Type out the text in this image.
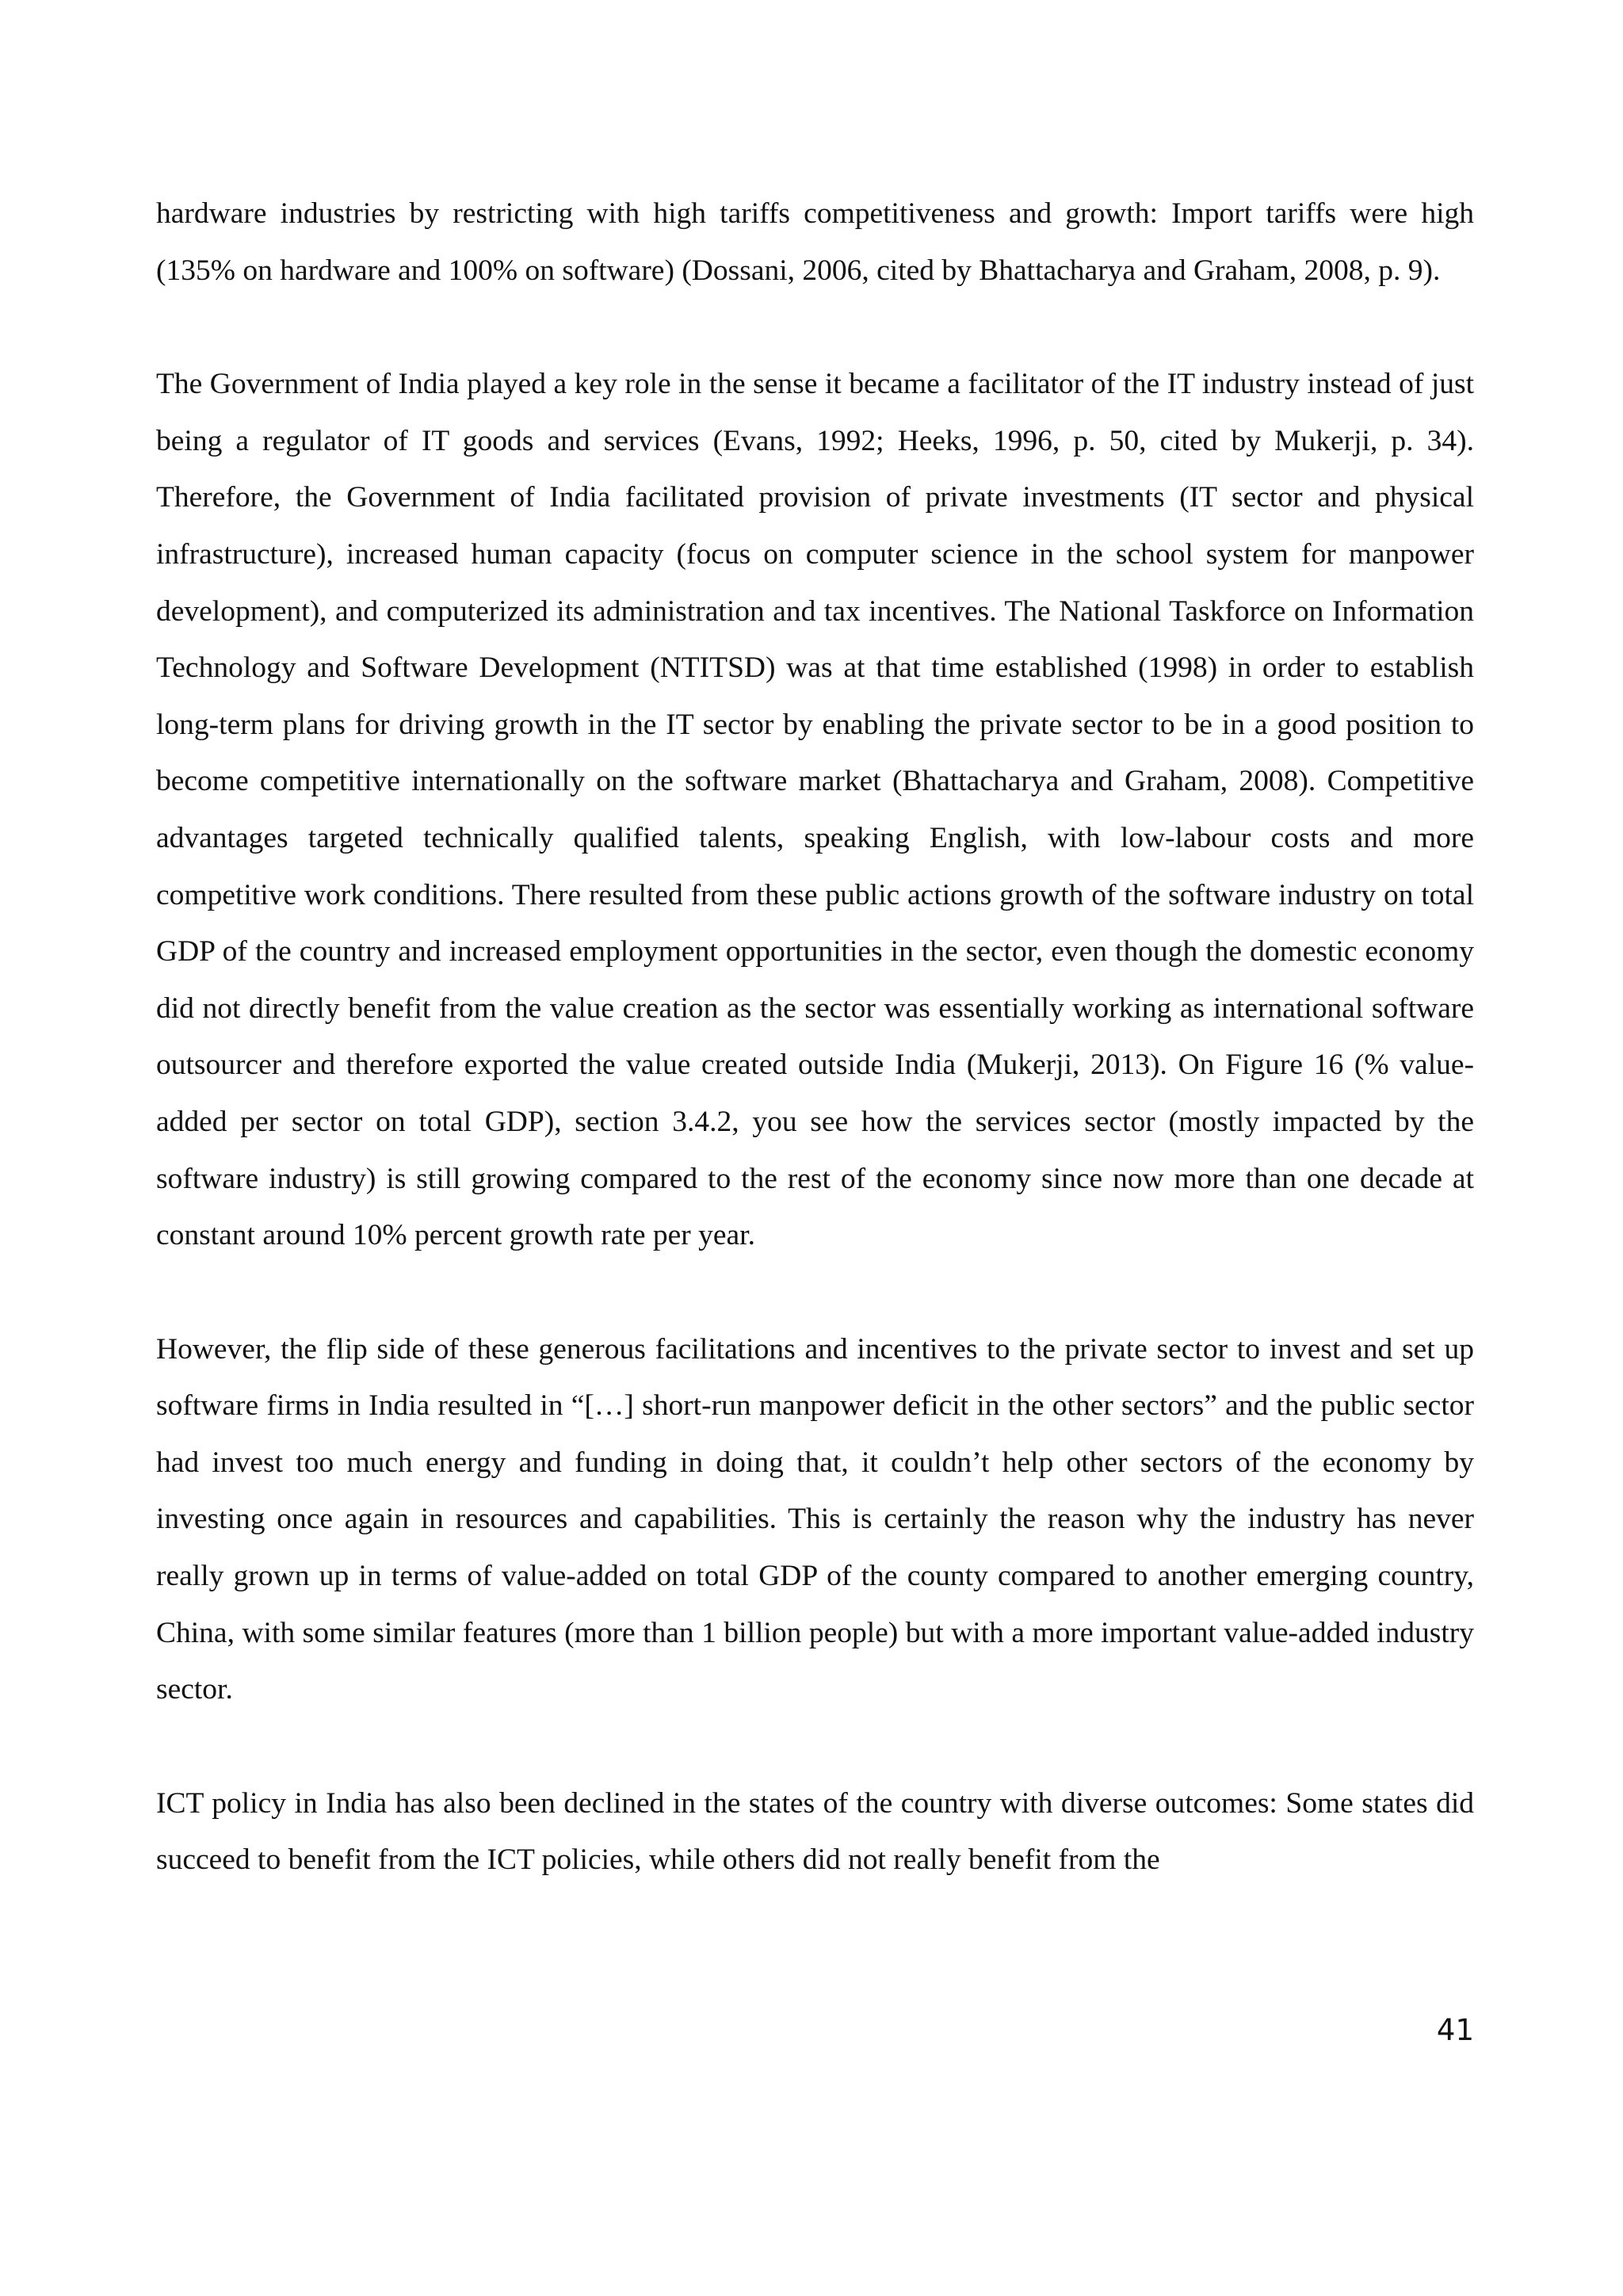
hardware industries by restricting with high tariffs competitiveness and growth: Import tariffs were high (135% on hardware and 100% on software) (Dossani, 2006, cited by Bhattacharya and Graham, 2008, p. 9).

The Government of India played a key role in the sense it became a facilitator of the IT industry instead of just being a regulator of IT goods and services (Evans, 1992; Heeks, 1996, p. 50, cited by Mukerji, p. 34). Therefore, the Government of India facilitated provision of private investments (IT sector and physical infrastructure), increased human capacity (focus on computer science in the school system for manpower development), and computerized its administration and tax incentives. The National Taskforce on Information Technology and Software Development (NTITSD) was at that time established (1998) in order to establish long-term plans for driving growth in the IT sector by enabling the private sector to be in a good position to become competitive internationally on the software market (Bhattacharya and Graham, 2008). Competitive advantages targeted technically qualified talents, speaking English, with low-labour costs and more competitive work conditions. There resulted from these public actions growth of the software industry on total GDP of the country and increased employment opportunities in the sector, even though the domestic economy did not directly benefit from the value creation as the sector was essentially working as international software outsourcer and therefore exported the value created outside India (Mukerji, 2013). On Figure 16 (% value-added per sector on total GDP), section 3.4.2, you see how the services sector (mostly impacted by the software industry) is still growing compared to the rest of the economy since now more than one decade at constant around 10% percent growth rate per year.

However, the flip side of these generous facilitations and incentives to the private sector to invest and set up software firms in India resulted in “[…] short-run manpower deficit in the other sectors” and the public sector had invest too much energy and funding in doing that, it couldn’t help other sectors of the economy by investing once again in resources and capabilities. This is certainly the reason why the industry has never really grown up in terms of value-added on total GDP of the county compared to another emerging country, China, with some similar features (more than 1 billion people) but with a more important value-added industry sector.

ICT policy in India has also been declined in the states of the country with diverse outcomes: Some states did succeed to benefit from the ICT policies, while others did not really benefit from the

41
